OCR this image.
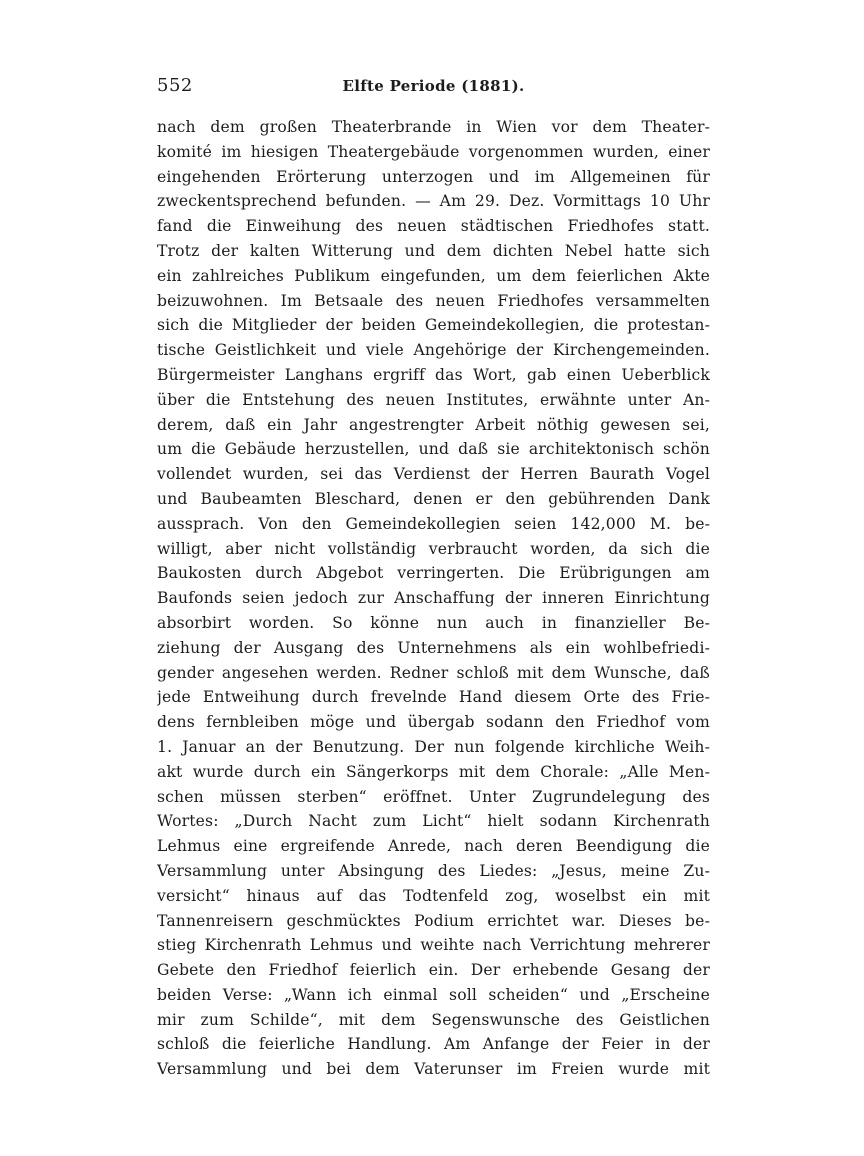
552	Elfte Periode (1881).
nach dem großen Theaterbrande in Wien vor dem Theater-
komité im hiesigen Theatergebäude vorgenommen wurden, einer
eingehenden Erörterung unterzogen und im Allgemeinen für
zweckentsprechend befunden. — Am 29. Dez. Vormittags 10 Uhr
fand die Einweihung des neuen städtischen Friedhofes statt.
Trotz der kalten Witterung und dem dichten Nebel hatte sich
ein zahlreiches Publikum eingefunden, um dem feierlichen Akte
beizuwohnen. Im Betsaale des neuen Friedhofes versammelten
sich die Mitglieder der beiden Gemeindekollegien, die protestan-
tische Geistlichkeit und viele Angehörige der Kirchengemeinden.
Bürgermeister Langhans ergriff das Wort, gab einen Ueberblick
über die Entstehung des neuen Institutes, erwähnte unter An-
derem, daß ein Jahr angestrengter Arbeit nöthig gewesen sei,
um die Gebäude herzustellen, und daß sie architektonisch schön
vollendet wurden, sei das Verdienst der Herren Baurath Vogel
und Baubeamten Bleschard, denen er den gebührenden Dank
aussprach. Von den Gemeindekollegien seien 142,000 M. be-
willigt, aber nicht vollständig verbraucht worden, da sich die
Baukosten durch Abgebot verringerten. Die Erübrigungen am
Baufonds seien jedoch zur Anschaffung der inneren Einrichtung
absorbirt worden. So könne nun auch in finanzieller Be-
ziehung der Ausgang des Unternehmens als ein wohlbefriedi-
gender angesehen werden. Redner schloß mit dem Wunsche, daß
jede Entweihung durch frevelnde Hand diesem Orte des Frie-
dens fernbleiben möge und übergab sodann den Friedhof vom
1. Januar an der Benutzung. Der nun folgende kirchliche Weih-
akt wurde durch ein Sängerkorps mit dem Chorale: „Alle Men-
schen müssen sterben“ eröffnet. Unter Zugrundelegung des
Wortes: „Durch Nacht zum Licht“ hielt sodann Kirchenrath
Lehmus eine ergreifende Anrede, nach deren Beendigung die
Versammlung unter Absingung des Liedes: „Jesus, meine Zu-
versicht“ hinaus auf das Todtenfeld zog, woselbst ein mit
Tannenreisern geschmücktes Podium errichtet war. Dieses be-
stieg Kirchenrath Lehmus und weihte nach Verrichtung mehrerer
Gebete den Friedhof feierlich ein. Der erhebende Gesang der
beiden Verse: „Wann ich einmal soll scheiden“ und „Erscheine
mir zum Schilde“, mit dem Segenswunsche des Geistlichen
schloß die feierliche Handlung. Am Anfange der Feier in der
Versammlung und bei dem Vaterunser im Freien wurde mit
